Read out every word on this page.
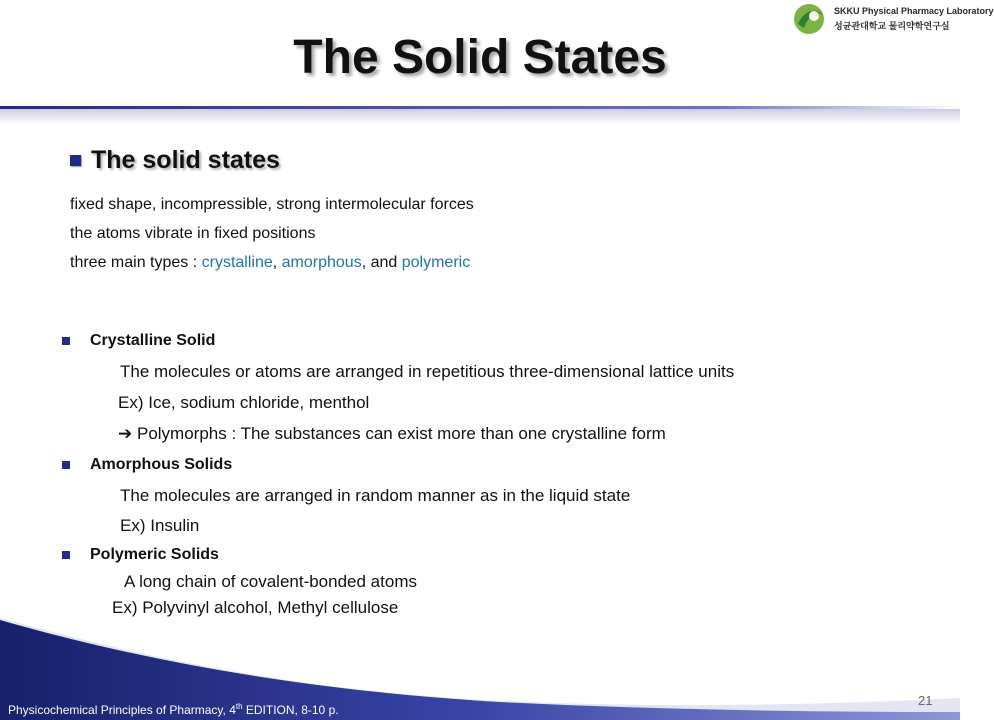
SKKU Physical Pharmacy Laboratory
성균관대학교 물리약학연구실
The Solid States
The solid states
fixed shape, incompressible, strong intermolecular forces
the atoms vibrate in fixed positions
three main types : crystalline, amorphous, and polymeric
Crystalline Solid
The molecules or atoms are arranged in repetitious three-dimensional lattice units
Ex) Ice, sodium chloride, menthol
➔ Polymorphs : The substances can exist more than one crystalline form
Amorphous Solids
The molecules are arranged in random manner as in the liquid state
Ex) Insulin
Polymeric Solids
A long chain of covalent-bonded atoms
Ex) Polyvinyl alcohol, Methyl cellulose
Physicochemical Principles of Pharmacy, 4th EDITION, 8-10 p.
21
